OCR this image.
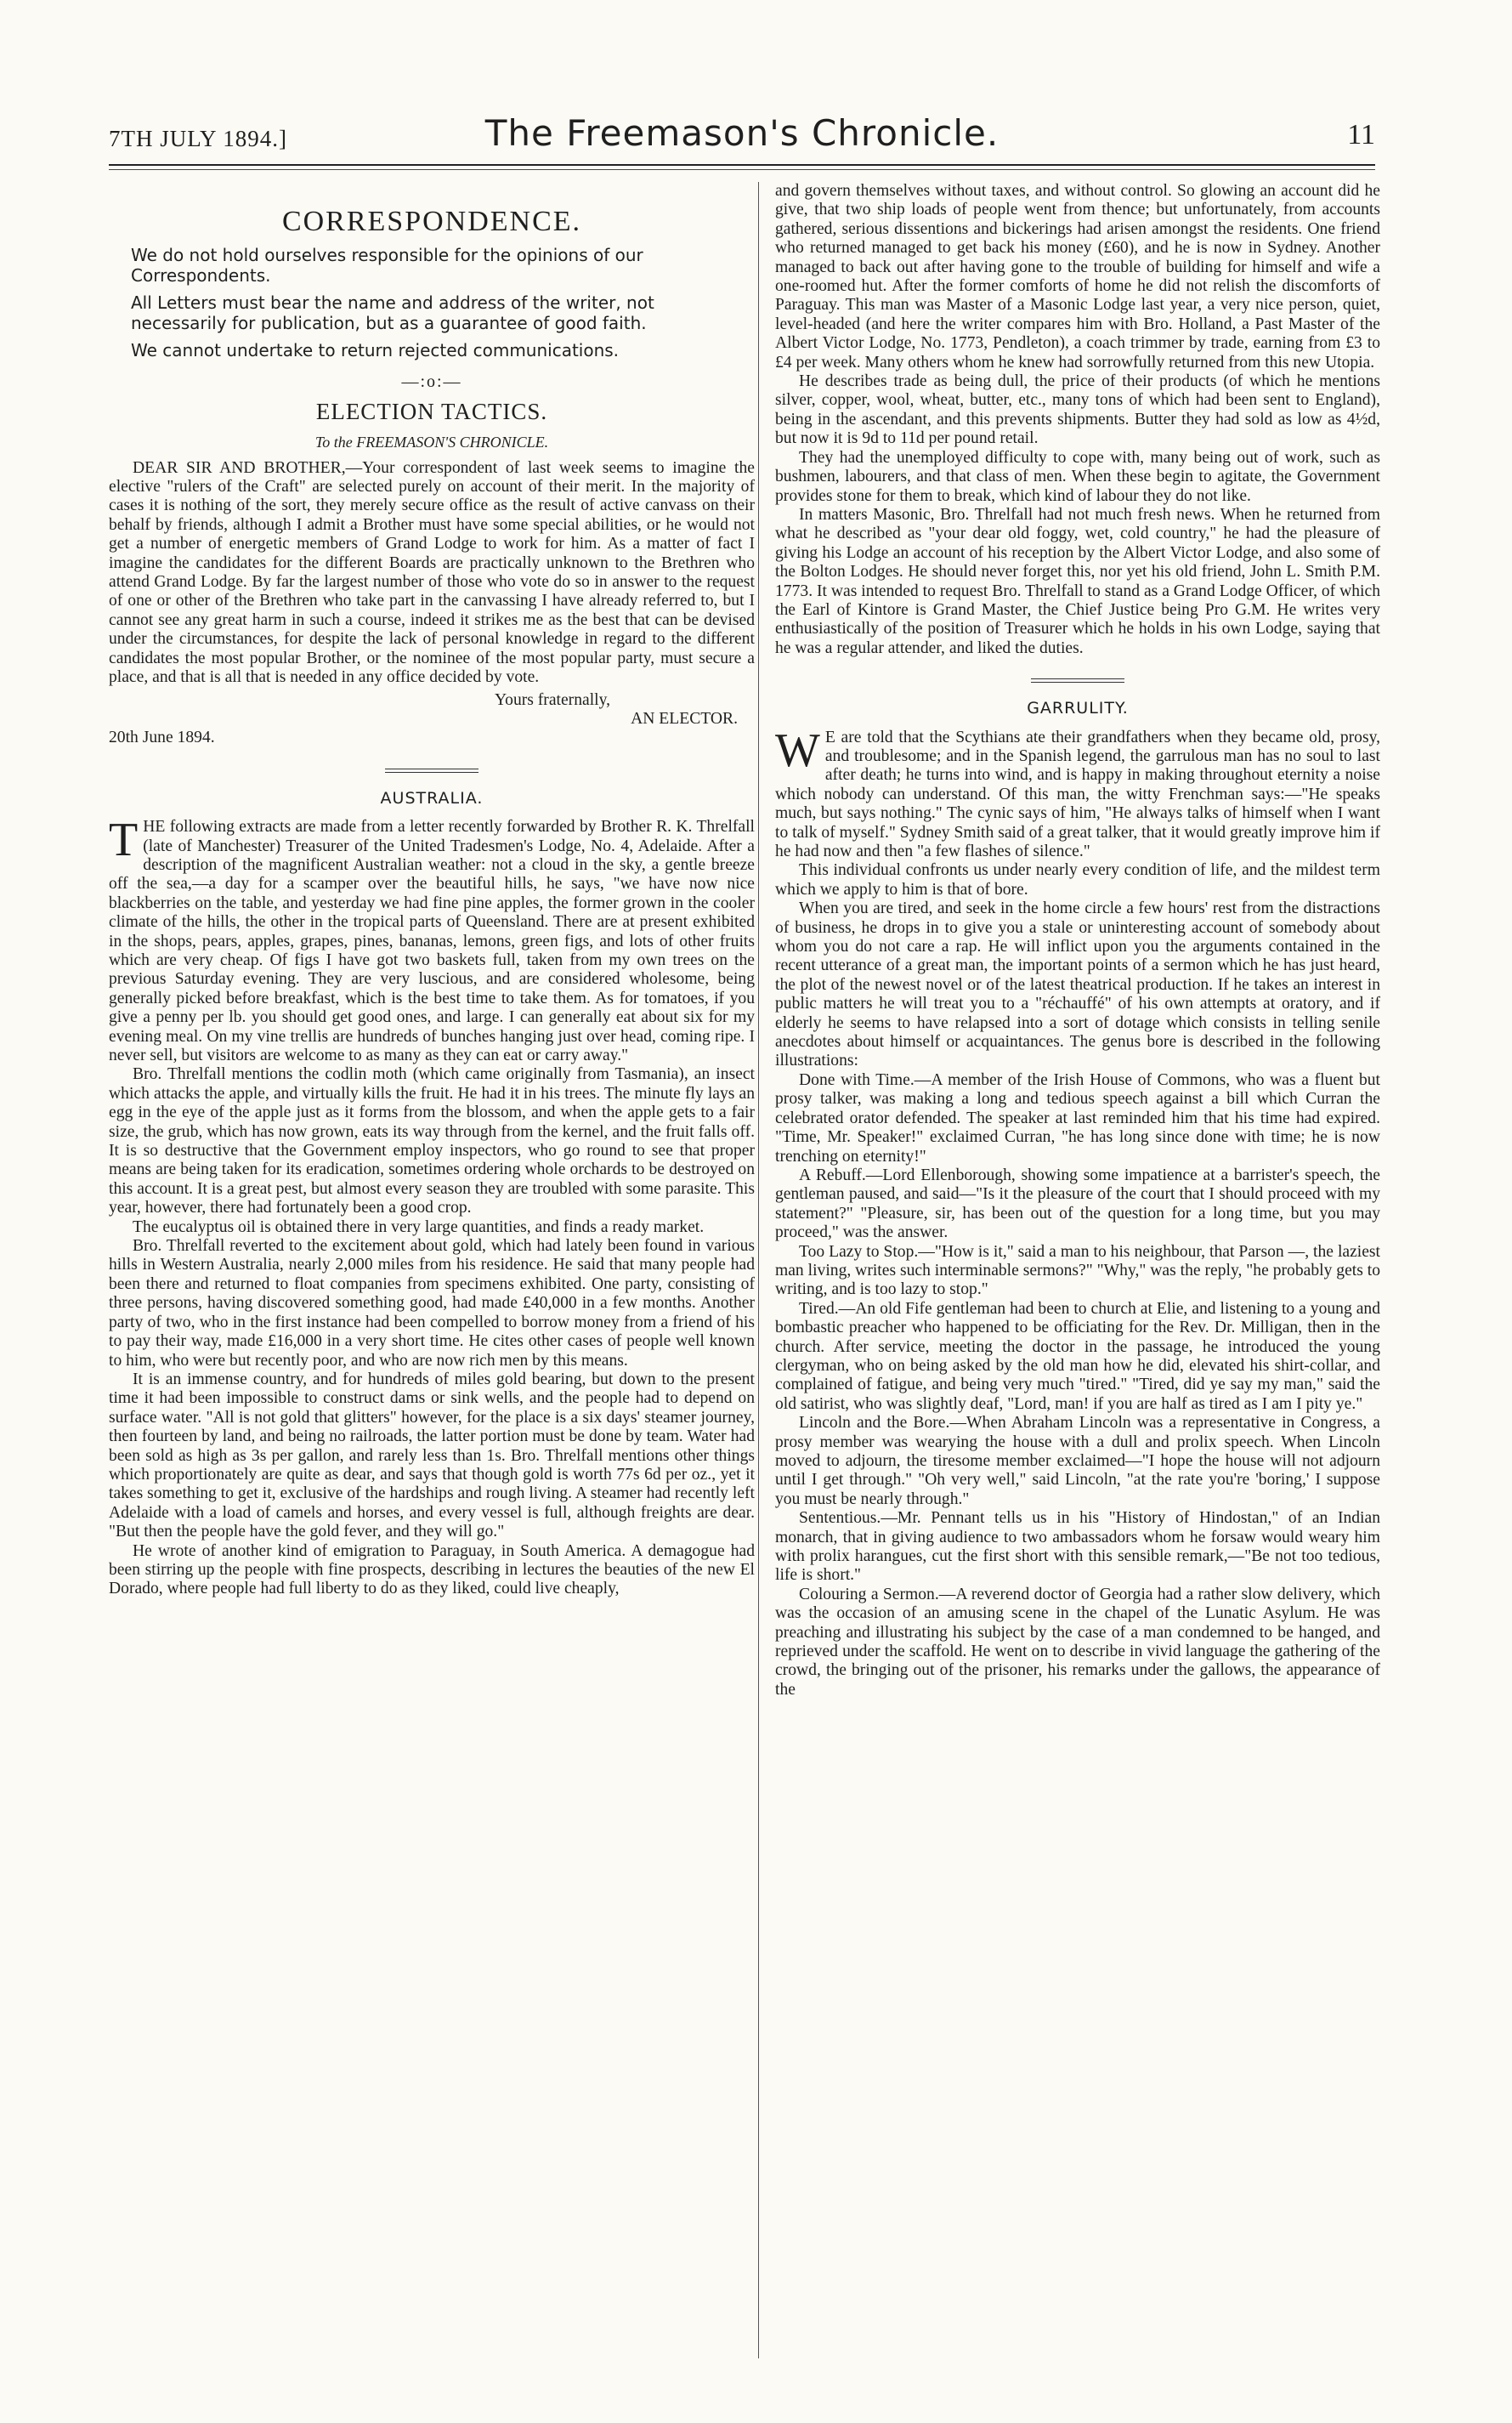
7TH JULY 1894.]	The Freemason's Chronicle.	11
CORRESPONDENCE.

We do not hold ourselves responsible for the opinions of our Correspondents.

All Letters must bear the name and address of the writer, not necessarily for publication, but as a guarantee of good faith.

We cannot undertake to return rejected communications.

—:o:—
ELECTION TACTICS.
To the FREEMASON'S CHRONICLE.

DEAR SIR AND BROTHER,—Your correspondent of last week seems to imagine the elective "rulers of the Craft" are selected purely on account of their merit. In the majority of cases it is nothing of the sort, they merely secure office as the result of active canvass on their behalf by friends, although I admit a Brother must have some special abilities, or he would not get a number of energetic members of Grand Lodge to work for him. As a matter of fact I imagine the candidates for the different Boards are practically unknown to the Brethren who attend Grand Lodge. By far the largest number of those who vote do so in answer to the request of one or other of the Brethren who take part in the canvassing I have already referred to, but I cannot see any great harm in such a course, indeed it strikes me as the best that can be devised under the circumstances, for despite the lack of personal knowledge in regard to the different candidates the most popular Brother, or the nominee of the most popular party, must secure a place, and that is all that is needed in any office decided by vote.

Yours fraternally,
AN ELECTOR.

20th June 1894.

AUSTRALIA.

THE following extracts are made from a letter recently forwarded by Brother R. K. Threlfall (late of Manchester) Treasurer of the United Tradesmen's Lodge, No. 4, Adelaide. After a description of the magnificent Australian weather: not a cloud in the sky, a gentle breeze off the sea,—a day for a scamper over the beautiful hills, he says, "we have now nice blackberries on the table, and yesterday we had fine pine apples, the former grown in the cooler climate of the hills, the other in the tropical parts of Queensland. There are at present exhibited in the shops, pears, apples, grapes, pines, bananas, lemons, green figs, and lots of other fruits which are very cheap. Of figs I have got two baskets full, taken from my own trees on the previous Saturday evening. They are very luscious, and are considered wholesome, being generally picked before breakfast, which is the best time to take them. As for tomatoes, if you give a penny per lb. you should get good ones, and large. I can generally eat about six for my evening meal. On my vine trellis are hundreds of bunches hanging just over head, coming ripe. I never sell, but visitors are welcome to as many as they can eat or carry away."

Bro. Threlfall mentions the codlin moth (which came originally from Tasmania), an insect which attacks the apple, and virtually kills the fruit. He had it in his trees. The minute fly lays an egg in the eye of the apple just as it forms from the blossom, and when the apple gets to a fair size, the grub, which has now grown, eats its way through from the kernel, and the fruit falls off. It is so destructive that the Government employ inspectors, who go round to see that proper means are being taken for its eradication, sometimes ordering whole orchards to be destroyed on this account. It is a great pest, but almost every season they are troubled with some parasite. This year, however, there had fortunately been a good crop.

The eucalyptus oil is obtained there in very large quantities, and finds a ready market.

Bro. Threlfall reverted to the excitement about gold, which had lately been found in various hills in Western Australia, nearly 2,000 miles from his residence. He said that many people had been there and returned to float companies from specimens exhibited. One party, consisting of three persons, having discovered something good, had made £40,000 in a few months. Another party of two, who in the first instance had been compelled to borrow money from a friend of his to pay their way, made £16,000 in a very short time. He cites other cases of people well known to him, who were but recently poor, and who are now rich men by this means.

It is an immense country, and for hundreds of miles gold bearing, but down to the present time it had been impossible to construct dams or sink wells, and the people had to depend on surface water. "All is not gold that glitters" however, for the place is a six days' steamer journey, then fourteen by land, and being no railroads, the latter portion must be done by team. Water had been sold as high as 3s per gallon, and rarely less than 1s. Bro. Threlfall mentions other things which proportionately are quite as dear, and says that though gold is worth 77s 6d per oz., yet it takes something to get it, exclusive of the hardships and rough living. A steamer had recently left Adelaide with a load of camels and horses, and every vessel is full, although freights are dear. "But then the people have the gold fever, and they will go."

He wrote of another kind of emigration to Paraguay, in South America. A demagogue had been stirring up the people with fine prospects, describing in lectures the beauties of the new El Dorado, where people had full liberty to do as they liked, could live cheaply,

and govern themselves without taxes, and without control. So glowing an account did he give, that two ship loads of people went from thence; but unfortunately, from accounts gathered, serious dissentions and bickerings had arisen amongst the residents. One friend who returned managed to get back his money (£60), and he is now in Sydney. Another managed to back out after having gone to the trouble of building for himself and wife a one-roomed hut. After the former comforts of home he did not relish the discomforts of Paraguay. This man was Master of a Masonic Lodge last year, a very nice person, quiet, level-headed (and here the writer compares him with Bro. Holland, a Past Master of the Albert Victor Lodge, No. 1773, Pendleton), a coach trimmer by trade, earning from £3 to £4 per week. Many others whom he knew had sorrowfully returned from this new Utopia.

He describes trade as being dull, the price of their products (of which he mentions silver, copper, wool, wheat, butter, etc., many tons of which had been sent to England), being in the ascendant, and this prevents shipments. Butter they had sold as low as 4½d, but now it is 9d to 11d per pound retail.

They had the unemployed difficulty to cope with, many being out of work, such as bushmen, labourers, and that class of men. When these begin to agitate, the Government provides stone for them to break, which kind of labour they do not like.

In matters Masonic, Bro. Threlfall had not much fresh news. When he returned from what he described as "your dear old foggy, wet, cold country," he had the pleasure of giving his Lodge an account of his reception by the Albert Victor Lodge, and also some of the Bolton Lodges. He should never forget this, nor yet his old friend, John L. Smith P.M. 1773. It was intended to request Bro. Threlfall to stand as a Grand Lodge Officer, of which the Earl of Kintore is Grand Master, the Chief Justice being Pro G.M. He writes very enthusiastically of the position of Treasurer which he holds in his own Lodge, saying that he was a regular attender, and liked the duties.

GARRULITY.

W E are told that the Scythians ate their grandfathers when they became old, prosy, and troublesome; and in the Spanish legend, the garrulous man has no soul to last after death; he turns into wind, and is happy in making throughout eternity a noise which nobody can understand. Of this man, the witty Frenchman says:—"He speaks much, but says nothing." The cynic says of him, "He always talks of himself when I want to talk of myself." Sydney Smith said of a great talker, that it would greatly improve him if he had now and then "a few flashes of silence."

This individual confronts us under nearly every condition of life, and the mildest term which we apply to him is that of bore.

When you are tired, and seek in the home circle a few hours' rest from the distractions of business, he drops in to give you a stale or uninteresting account of somebody about whom you do not care a rap. He will inflict upon you the arguments contained in the recent utterance of a great man, the important points of a sermon which he has just heard, the plot of the newest novel or of the latest theatrical production. If he takes an interest in public matters he will treat you to a "réchauffé" of his own attempts at oratory, and if elderly he seems to have relapsed into a sort of dotage which consists in telling senile anecdotes about himself or acquaintances. The genus bore is described in the following illustrations:

Done with Time.—A member of the Irish House of Commons, who was a fluent but prosy talker, was making a long and tedious speech against a bill which Curran the celebrated orator defended. The speaker at last reminded him that his time had expired. "Time, Mr. Speaker!" exclaimed Curran, "he has long since done with time; he is now trenching on eternity!"

A Rebuff.—Lord Ellenborough, showing some impatience at a barrister's speech, the gentleman paused, and said—"Is it the pleasure of the court that I should proceed with my statement?" "Pleasure, sir, has been out of the question for a long time, but you may proceed," was the answer.

Too Lazy to Stop.—"How is it," said a man to his neighbour, that Parson —, the laziest man living, writes such interminable sermons?" "Why," was the reply, "he probably gets to writing, and is too lazy to stop."

Tired.—An old Fife gentleman had been to church at Elie, and listening to a young and bombastic preacher who happened to be officiating for the Rev. Dr. Milligan, then in the church. After service, meeting the doctor in the passage, he introduced the young clergyman, who on being asked by the old man how he did, elevated his shirt-collar, and complained of fatigue, and being very much "tired." "Tired, did ye say my man," said the old satirist, who was slightly deaf, "Lord, man! if you are half as tired as I am I pity ye."

Lincoln and the Bore.—When Abraham Lincoln was a representative in Congress, a prosy member was wearying the house with a dull and prolix speech. When Lincoln moved to adjourn, the tiresome member exclaimed—"I hope the house will not adjourn until I get through." "Oh very well," said Lincoln, "at the rate you're 'boring,' I suppose you must be nearly through."

Sententious.—Mr. Pennant tells us in his "History of Hindostan," of an Indian monarch, that in giving audience to two ambassadors whom he forsaw would weary him with prolix harangues, cut the first short with this sensible remark,—"Be not too tedious, life is short."

Colouring a Sermon.—A reverend doctor of Georgia had a rather slow delivery, which was the occasion of an amusing scene in the chapel of the Lunatic Asylum. He was preaching and illustrating his subject by the case of a man condemned to be hanged, and reprieved under the scaffold. He went on to describe in vivid language the gathering of the crowd, the bringing out of the prisoner, his remarks under the gallows, the appearance of the
